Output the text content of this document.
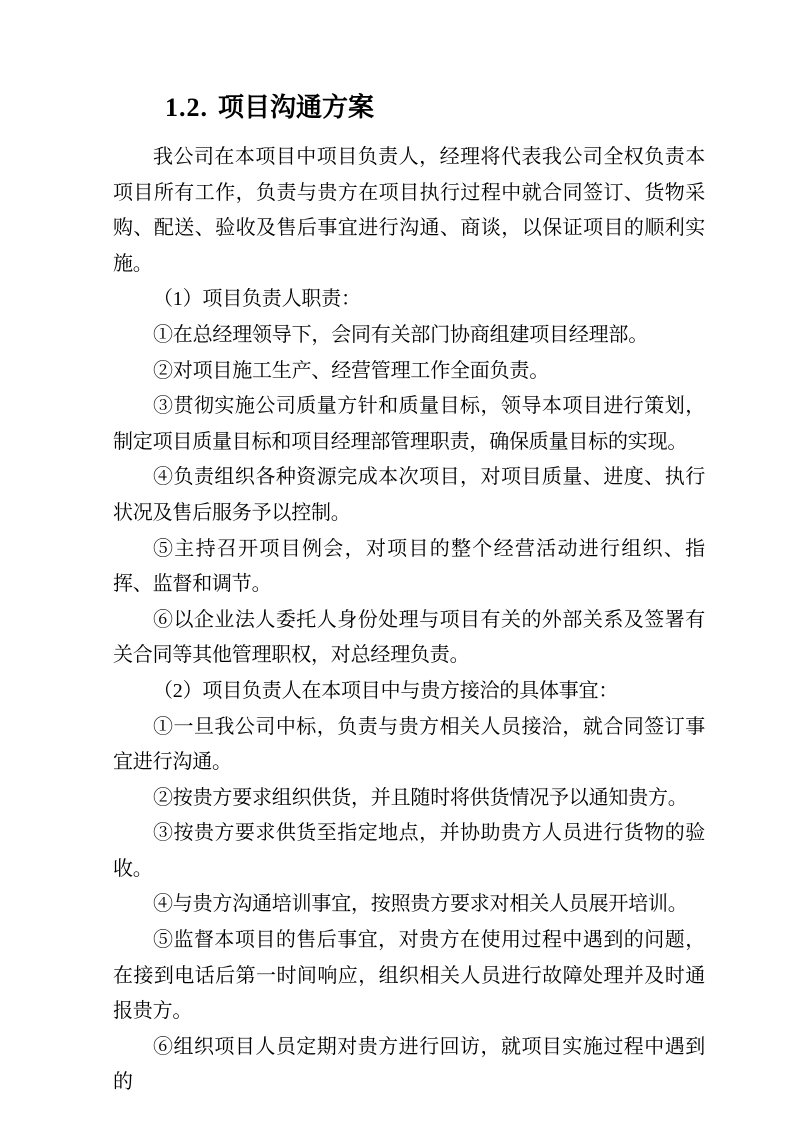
1.2. 项目沟通方案

我公司在本项目中项目负责人，经理将代表我公司全权负责本项目所有工作，负责与贵方在项目执行过程中就合同签订、货物采购、配送、验收及售后事宜进行沟通、商谈，以保证项目的顺利实施。

（1）项目负责人职责：

①在总经理领导下，会同有关部门协商组建项目经理部。

②对项目施工生产、经营管理工作全面负责。

③贯彻实施公司质量方针和质量目标，领导本项目进行策划，制定项目质量目标和项目经理部管理职责，确保质量目标的实现。

④负责组织各种资源完成本次项目，对项目质量、进度、执行状况及售后服务予以控制。

⑤主持召开项目例会，对项目的整个经营活动进行组织、指挥、监督和调节。

⑥以企业法人委托人身份处理与项目有关的外部关系及签署有关合同等其他管理职权，对总经理负责。

（2）项目负责人在本项目中与贵方接洽的具体事宜：

①一旦我公司中标，负责与贵方相关人员接洽，就合同签订事宜进行沟通。

②按贵方要求组织供货，并且随时将供货情况予以通知贵方。

③按贵方要求供货至指定地点，并协助贵方人员进行货物的验收。

④与贵方沟通培训事宜，按照贵方要求对相关人员展开培训。

⑤监督本项目的售后事宜，对贵方在使用过程中遇到的问题，在接到电话后第一时间响应，组织相关人员进行故障处理并及时通报贵方。

⑥组织项目人员定期对贵方进行回访，就项目实施过程中遇到的
